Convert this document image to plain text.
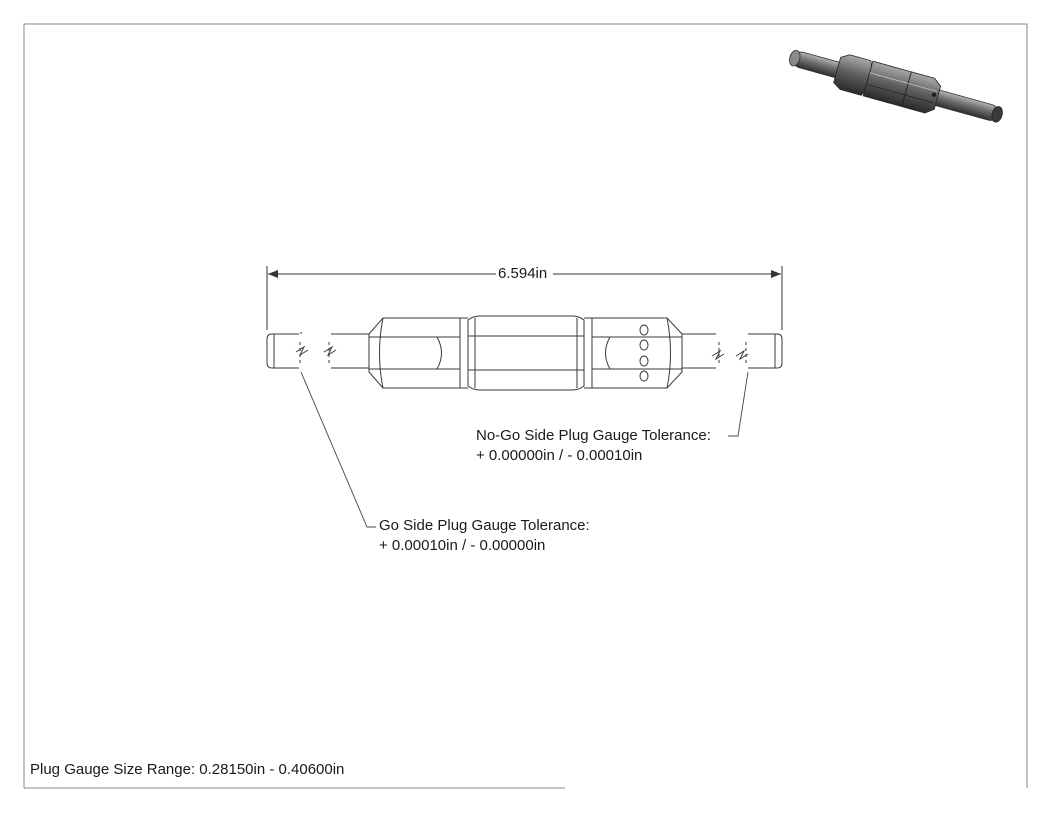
6.594in
No-Go Side Plug Gauge Tolerance:
+ 0.00000in / - 0.00010in
Go Side Plug Gauge Tolerance:
+ 0.00010in / - 0.00000in
Plug Gauge Size Range: 0.28150in - 0.40600in
